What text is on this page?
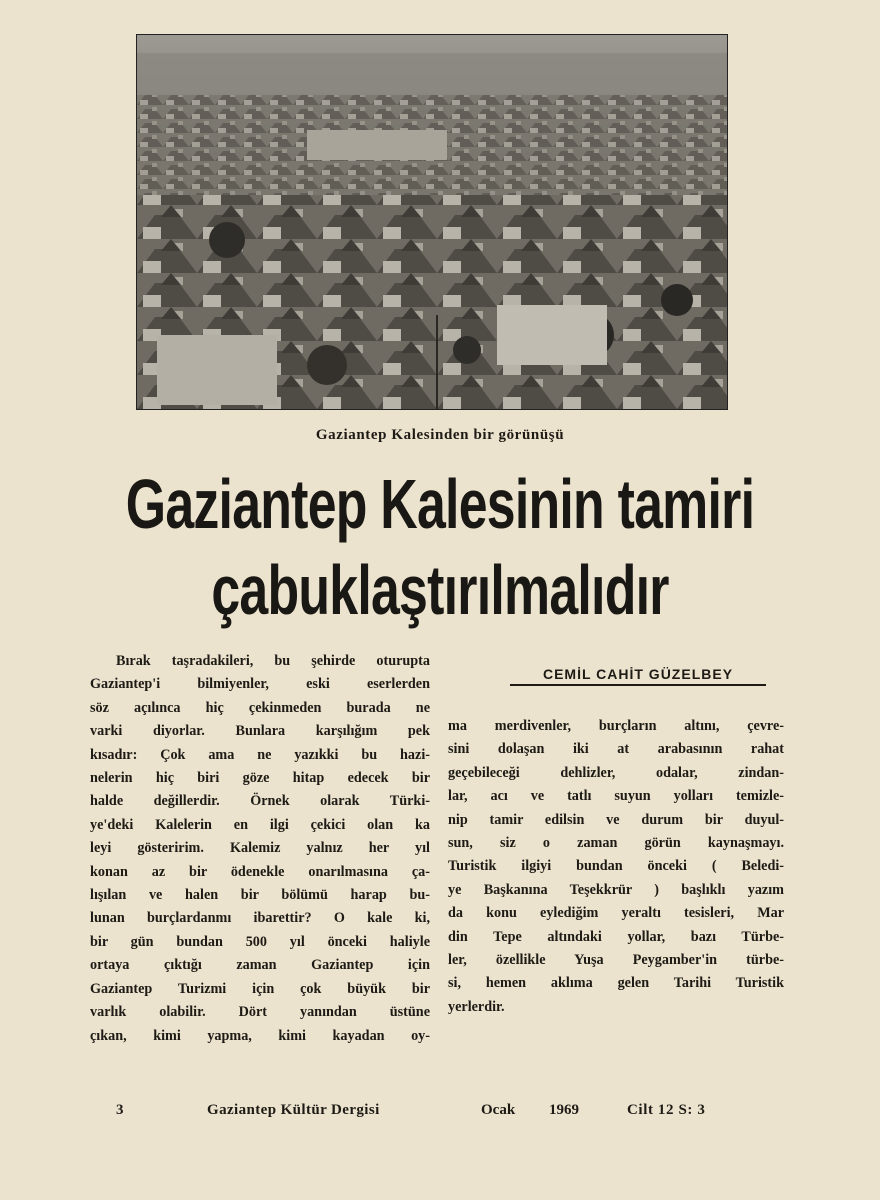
Gaziantep Kalesinden bir görünüşü
Gaziantep Kalesinin tamiri
çabuklaştırılmalıdır
CEMİL CAHİT GÜZELBEY
Bırak taşradakileri, bu şehirde oturupta
Gaziantep'i bilmiyenler, eski eserlerden
söz açılınca hiç çekinmeden burada ne
varki diyorlar. Bunlara karşılığım pek
kısadır: Çok ama ne yazıkki bu hazi-
nelerin hiç biri göze hitap edecek bir
halde değillerdir. Örnek olarak Türki-
ye'deki Kalelerin en ilgi çekici olan ka
leyi gösteririm. Kalemiz yalnız her yıl
konan az bir ödenekle onarılmasına ça-
lışılan ve halen bir bölümü harap bu-
lunan burçlardanmı ibarettir? O kale ki,
bir gün bundan 500 yıl önceki haliyle
ortaya çıktığı zaman Gaziantep için
Gaziantep Turizmi için çok büyük bir
varlık olabilir. Dört yanından üstüne
çıkan, kimi yapma, kimi kayadan oy-
ma merdivenler, burçların altını, çevre-
sini dolaşan iki at arabasının rahat
geçebileceği dehlizler, odalar, zindan-
lar, acı ve tatlı suyun yolları temizle-
nip tamir edilsin ve durum bir duyul-
sun, siz o zaman görün kaynaşmayı.
Turistik ilgiyi bundan önceki ( Beledi-
ye Başkanına Teşekkrür ) başlıklı yazım
da konu eylediğim yeraltı tesisleri, Mar
din Tepe altındaki yollar, bazı Türbe-
ler, özellikle Yuşa Peygamber'in türbe-
si, hemen aklıma gelen Tarihi Turistik
yerlerdir.
3	Gaziantep Kültür Dergisi	Ocak 1969	Cilt 12 S: 3
